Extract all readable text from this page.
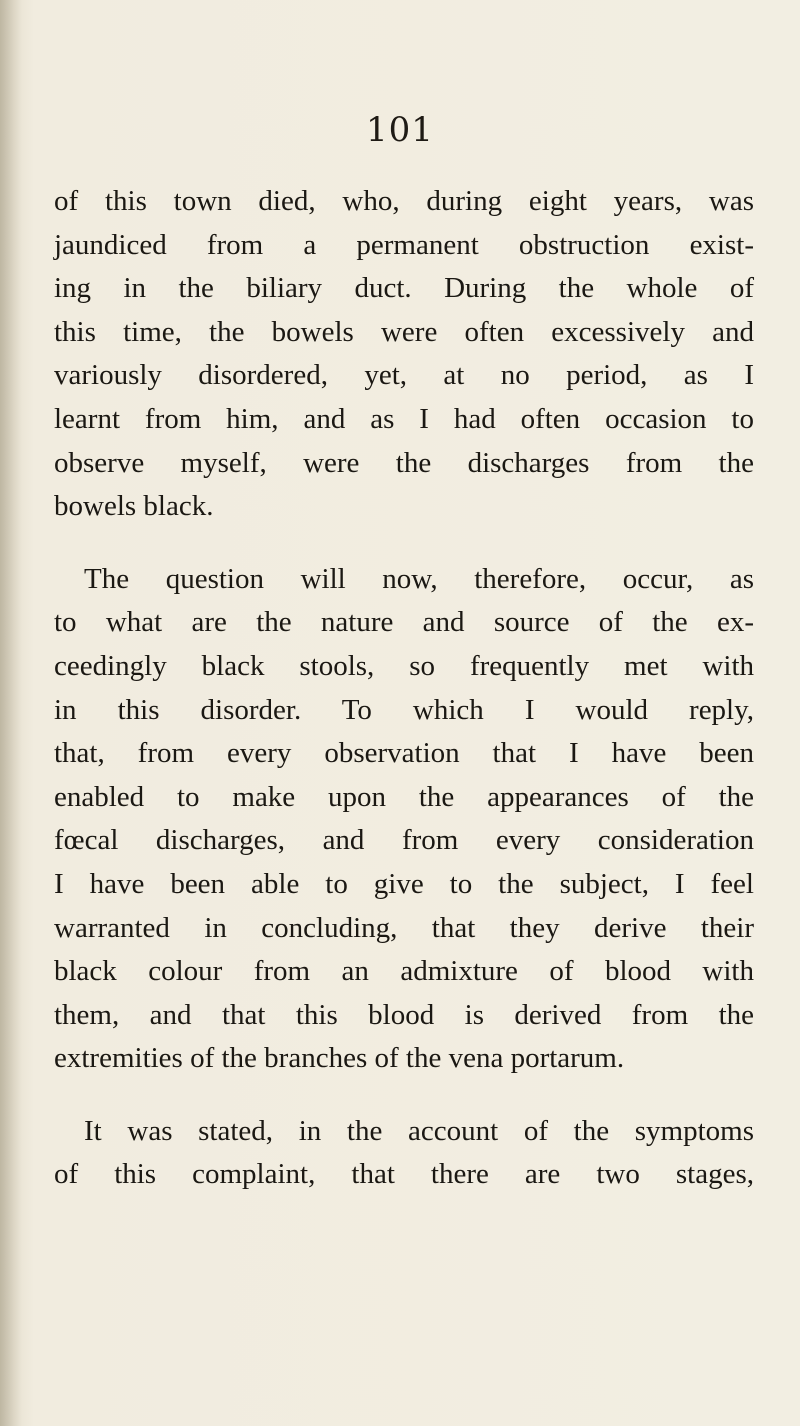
101
of this town died, who, during eight years, was
jaundiced from a permanent obstruction exist-
ing in the biliary duct. During the whole of
this time, the bowels were often excessively and
variously disordered, yet, at no period, as I
learnt from him, and as I had often occasion to
observe myself, were the discharges from the
bowels black.
The question will now, therefore, occur, as
to what are the nature and source of the ex-
ceedingly black stools, so frequently met with
in this disorder. To which I would reply,
that, from every observation that I have been
enabled to make upon the appearances of the
fœcal discharges, and from every consideration
I have been able to give to the subject, I feel
warranted in concluding, that they derive their
black colour from an admixture of blood with
them, and that this blood is derived from the
extremities of the branches of the vena portarum.
It was stated, in the account of the symptoms
of this complaint, that there are two stages,
